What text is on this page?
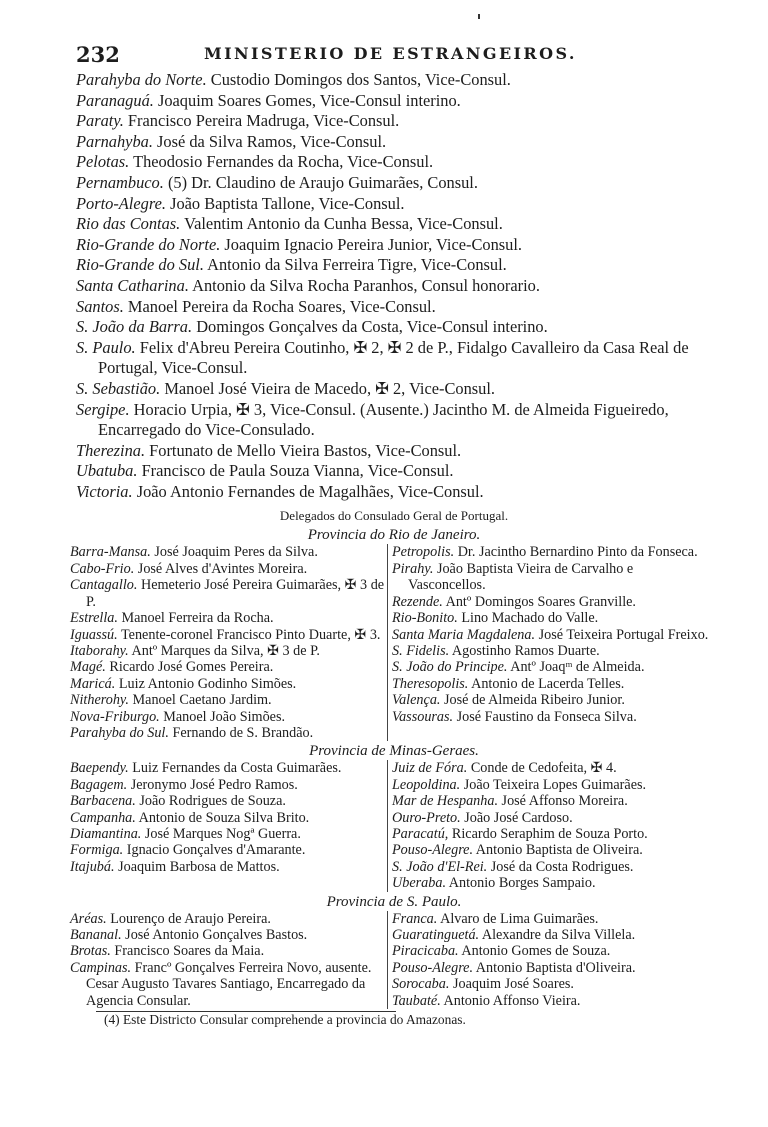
232	MINISTERIO DE ESTRANGEIROS.
Parahyba do Norte. Custodio Domingos dos Santos, Vice-Consul.
Paranaguá. Joaquim Soares Gomes, Vice-Consul interino.
Paraty. Francisco Pereira Madruga, Vice-Consul.
Parnahyba. José da Silva Ramos, Vice-Consul.
Pelotas. Theodosio Fernandes da Rocha, Vice-Consul.
Pernambuco. (5) Dr. Claudino de Araujo Guimarães, Consul.
Porto-Alegre. João Baptista Tallone, Vice-Consul.
Rio das Contas. Valentim Antonio da Cunha Bessa, Vice-Consul.
Rio-Grande do Norte. Joaquim Ignacio Pereira Junior, Vice-Consul.
Rio-Grande do Sul. Antonio da Silva Ferreira Tigre, Vice-Consul.
Santa Catharina. Antonio da Silva Rocha Paranhos, Consul honorario.
Santos. Manoel Pereira da Rocha Soares, Vice-Consul.
S. João da Barra. Domingos Gonçalves da Costa, Vice-Consul interino.
S. Paulo. Felix d'Abreu Pereira Coutinho, ✠ 2, ✠ 2 de P., Fidalgo Cavalleiro da Casa Real de Portugal, Vice-Consul.
S. Sebastião. Manoel José Vieira de Macedo, ✠ 2, Vice-Consul.
Sergipe. Horacio Urpia, ✠ 3, Vice-Consul. (Ausente.) Jacintho M. de Almeida Figueiredo, Encarregado do Vice-Consulado.
Therezina. Fortunato de Mello Vieira Bastos, Vice-Consul.
Ubatuba. Francisco de Paula Souza Vianna, Vice-Consul.
Victoria. João Antonio Fernandes de Magalhães, Vice-Consul.
Delegados do Consulado Geral de Portugal.
Provincia do Rio de Janeiro.
Barra-Mansa. José Joaquim Peres da Silva.
Cabo-Frio. José Alves d'Avintes Moreira.
Cantagallo. Hemeterio José Pereira Guimarães, ✠ 3 de P.
Estrella. Manoel Ferreira da Rocha.
Iguassú. Tenente-coronel Francisco Pinto Duarte, ✠ 3.
Itaborahy. Antº Marques da Silva, ✠ 3 de P.
Magé. Ricardo José Gomes Pereira.
Maricá. Luiz Antonio Godinho Simões.
Nitherohy. Manoel Caetano Jardim.
Nova-Friburgo. Manoel João Simões.
Parahyba do Sul. Fernando de S. Brandão.
Petropolis. Dr. Jacintho Bernardino Pinto da Fonseca.
Pirahy. João Baptista Vieira de Carvalho e Vasconcellos.
Rezende. Antº Domingos Soares Granville.
Rio-Bonito. Lino Machado do Valle.
Santa Maria Magdalena. José Teixeira Portugal Freixo.
S. Fidelis. Agostinho Ramos Duarte.
S. João do Principe. Antº Joaqᵐ de Almeida.
Theresopolis. Antonio de Lacerda Telles.
Valença. José de Almeida Ribeiro Junior.
Vassouras. José Faustino da Fonseca Silva.
Provincia de Minas-Geraes.
Baependy. Luiz Fernandes da Costa Guimarães.
Bagagem. Jeronymo José Pedro Ramos.
Barbacena. João Rodrigues de Souza.
Campanha. Antonio de Souza Silva Brito.
Diamantina. José Marques Nogª Guerra.
Formiga. Ignacio Gonçalves d'Amarante.
Itajubá. Joaquim Barbosa de Mattos.
Juiz de Fóra. Conde de Cedofeita, ✠ 4.
Leopoldina. João Teixeira Lopes Guimarães.
Mar de Hespanha. José Affonso Moreira.
Ouro-Preto. João José Cardoso.
Paracatú, Ricardo Seraphim de Souza Porto.
Pouso-Alegre. Antonio Baptista de Oliveira.
S. João d'El-Rei. José da Costa Rodrigues.
Uberaba. Antonio Borges Sampaio.
Provincia de S. Paulo.
Aréas. Lourenço de Araujo Pereira.
Bananal. José Antonio Gonçalves Bastos.
Brotas. Francisco Soares da Maia.
Campinas. Francº Gonçalves Ferreira Novo, ausente. Cesar Augusto Tavares Santiago, Encarregado da Agencia Consular.
Franca. Alvaro de Lima Guimarães.
Guaratinguetá. Alexandre da Silva Villela.
Piracicaba. Antonio Gomes de Souza.
Pouso-Alegre. Antonio Baptista d'Oliveira.
Sorocaba. Joaquim José Soares.
Taubaté. Antonio Affonso Vieira.
(4) Este Districto Consular comprehende a provincia do Amazonas.
